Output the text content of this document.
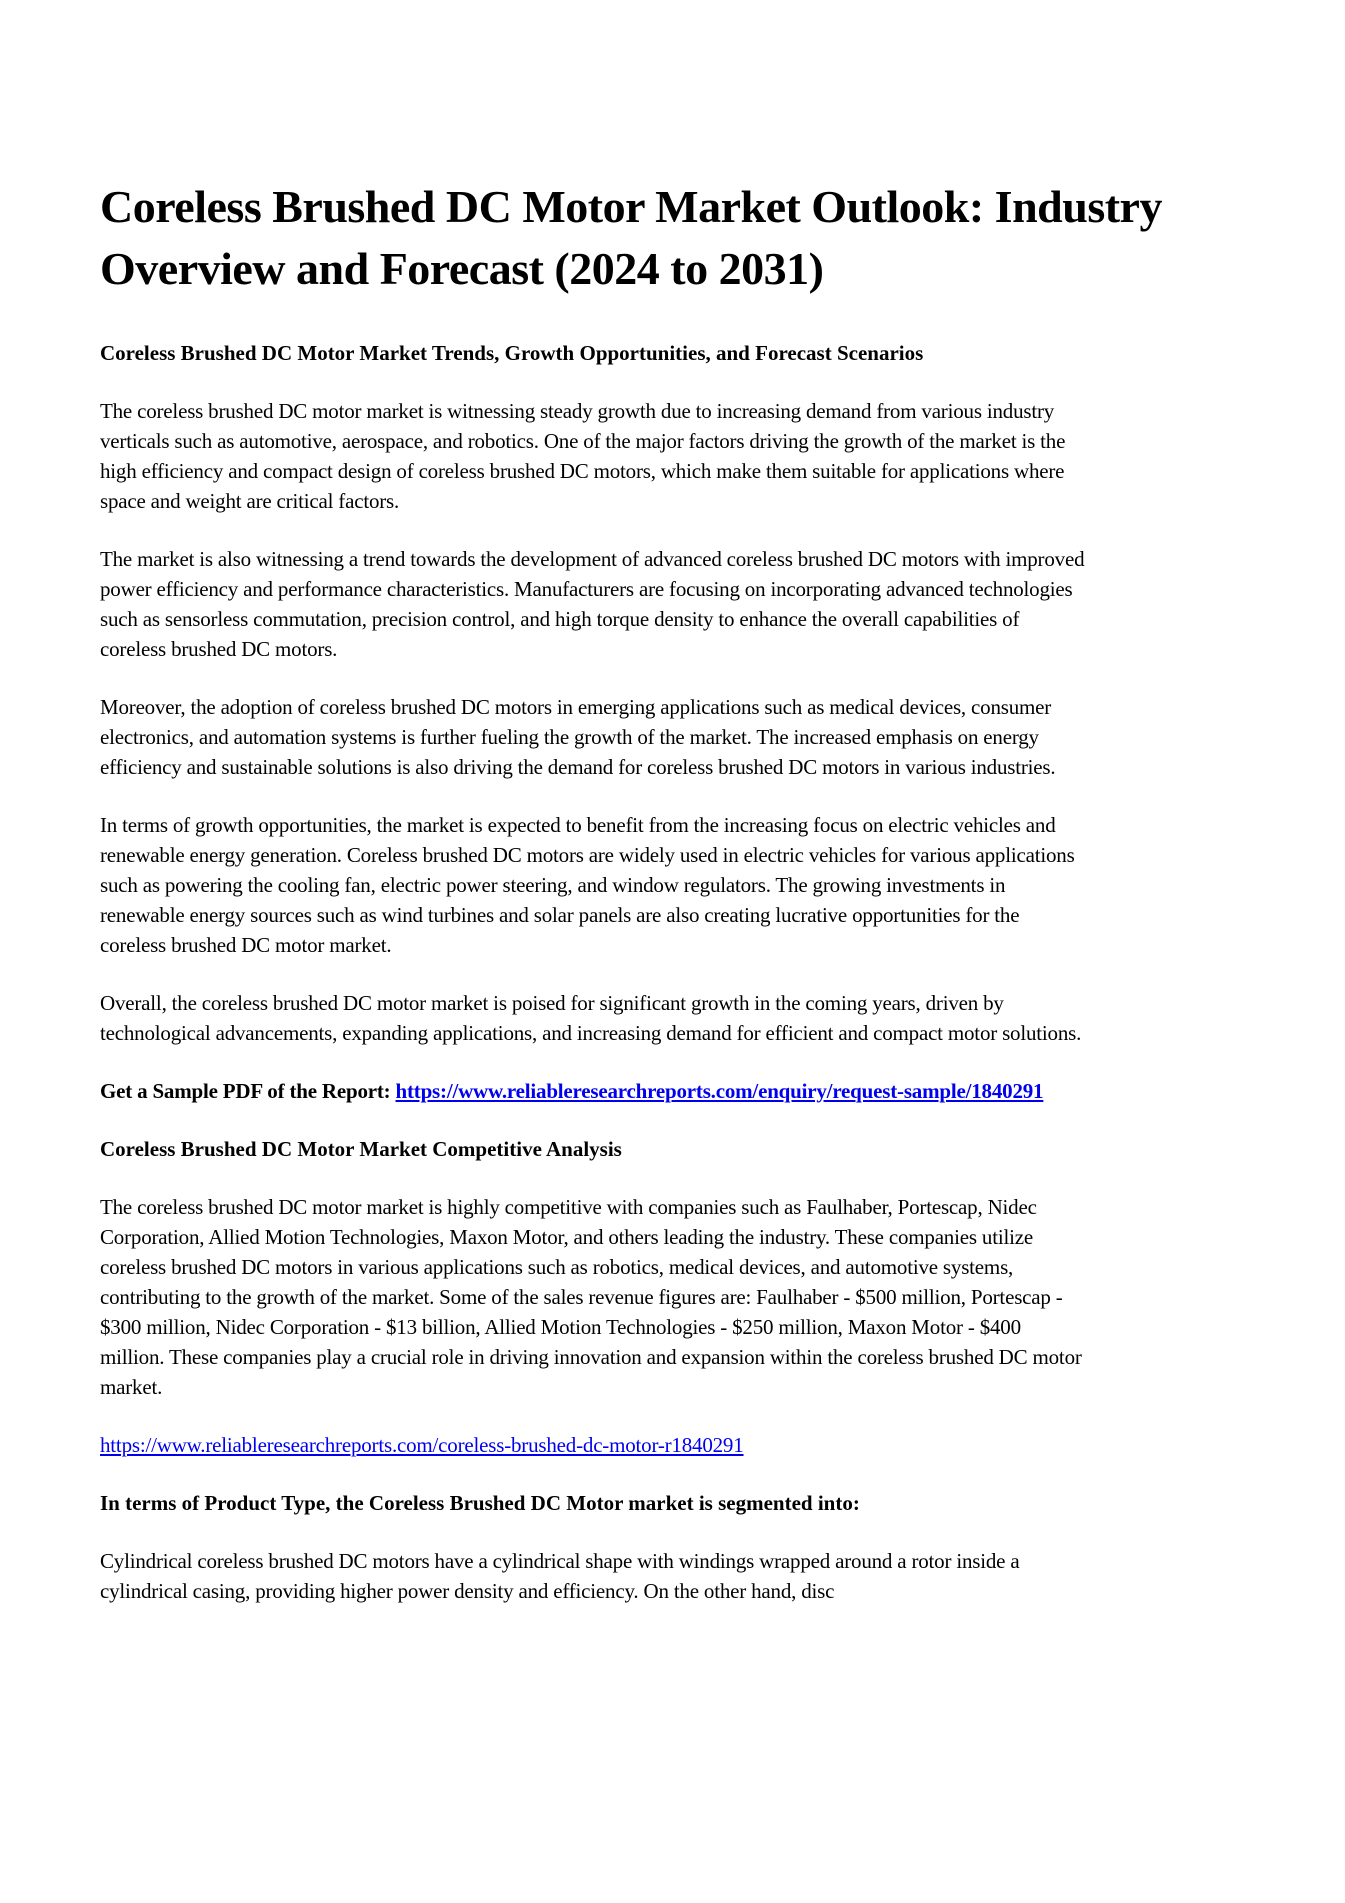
Coreless Brushed DC Motor Market Outlook: Industry Overview and Forecast (2024 to 2031)
Coreless Brushed DC Motor Market Trends, Growth Opportunities, and Forecast Scenarios

The coreless brushed DC motor market is witnessing steady growth due to increasing demand from various industry verticals such as automotive, aerospace, and robotics. One of the major factors driving the growth of the market is the high efficiency and compact design of coreless brushed DC motors, which make them suitable for applications where space and weight are critical factors.

The market is also witnessing a trend towards the development of advanced coreless brushed DC motors with improved power efficiency and performance characteristics. Manufacturers are focusing on incorporating advanced technologies such as sensorless commutation, precision control, and high torque density to enhance the overall capabilities of coreless brushed DC motors.

Moreover, the adoption of coreless brushed DC motors in emerging applications such as medical devices, consumer electronics, and automation systems is further fueling the growth of the market. The increased emphasis on energy efficiency and sustainable solutions is also driving the demand for coreless brushed DC motors in various industries.

In terms of growth opportunities, the market is expected to benefit from the increasing focus on electric vehicles and renewable energy generation. Coreless brushed DC motors are widely used in electric vehicles for various applications such as powering the cooling fan, electric power steering, and window regulators. The growing investments in renewable energy sources such as wind turbines and solar panels are also creating lucrative opportunities for the coreless brushed DC motor market.

Overall, the coreless brushed DC motor market is poised for significant growth in the coming years, driven by technological advancements, expanding applications, and increasing demand for efficient and compact motor solutions.

Get a Sample PDF of the Report: https://www.reliableresearchreports.com/enquiry/request-sample/1840291

Coreless Brushed DC Motor Market Competitive Analysis

The coreless brushed DC motor market is highly competitive with companies such as Faulhaber, Portescap, Nidec Corporation, Allied Motion Technologies, Maxon Motor, and others leading the industry. These companies utilize coreless brushed DC motors in various applications such as robotics, medical devices, and automotive systems, contributing to the growth of the market. Some of the sales revenue figures are: Faulhaber - $500 million, Portescap - $300 million, Nidec Corporation - $13 billion, Allied Motion Technologies - $250 million, Maxon Motor - $400 million. These companies play a crucial role in driving innovation and expansion within the coreless brushed DC motor market.

https://www.reliableresearchreports.com/coreless-brushed-dc-motor-r1840291

In terms of Product Type, the Coreless Brushed DC Motor market is segmented into:

Cylindrical coreless brushed DC motors have a cylindrical shape with windings wrapped around a rotor inside a cylindrical casing, providing higher power density and efficiency. On the other hand, disc
